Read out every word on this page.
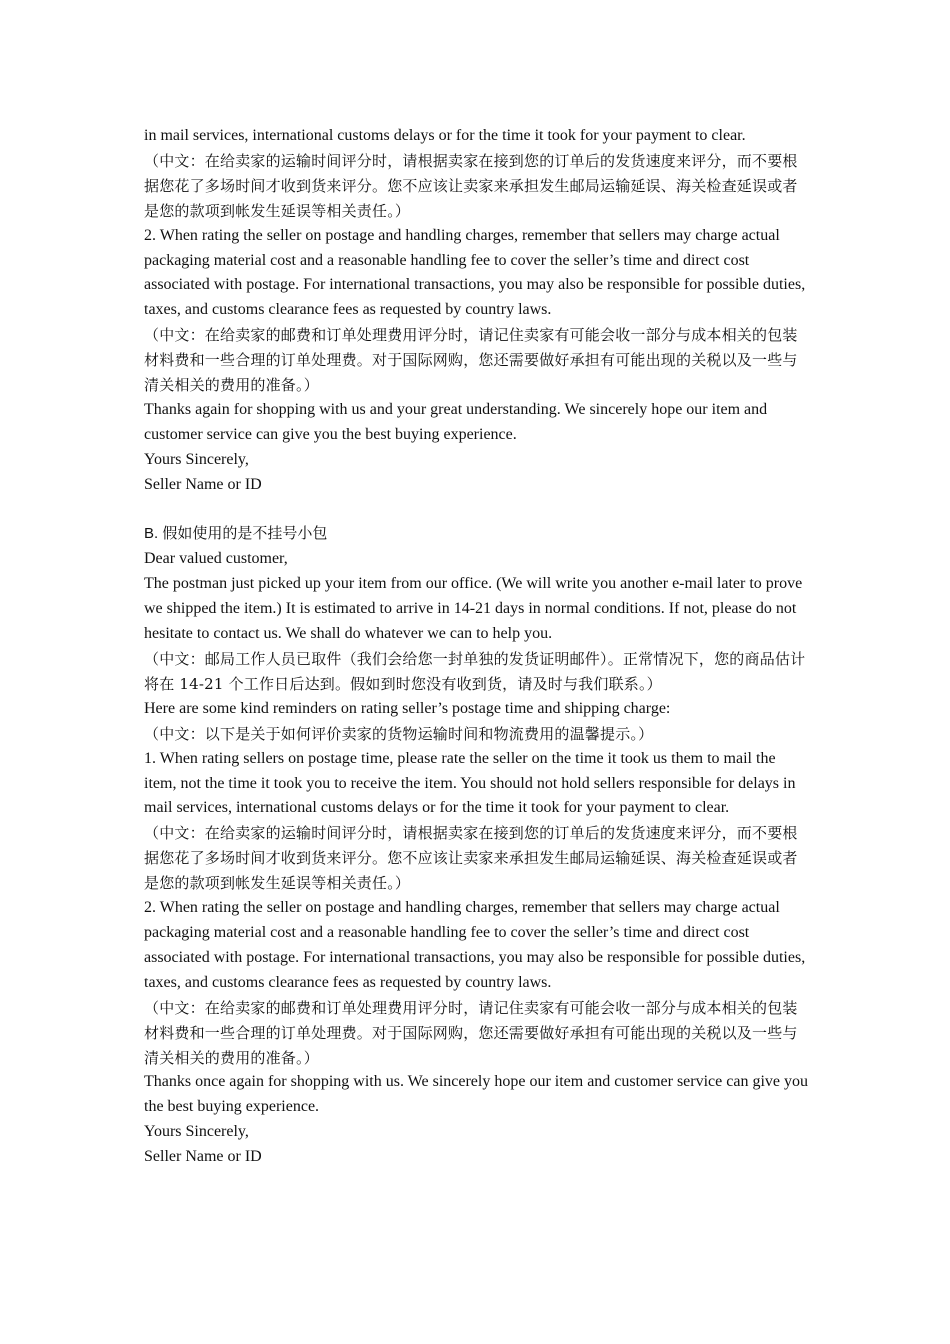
in mail services, international customs delays or for the time it took for your payment to clear.

（中文：在给卖家的运输时间评分时，请根据卖家在接到您的订单后的发货速度来评分，而不要根据您花了多场时间才收到货来评分。您不应该让卖家来承担发生邮局运输延误、海关检查延误或者是您的款项到帐发生延误等相关责任。）

2. When rating the seller on postage and handling charges, remember that sellers may charge actual packaging material cost and a reasonable handling fee to cover the seller’s time and direct cost associated with postage. For international transactions, you may also be responsible for possible duties, taxes, and customs clearance fees as requested by country laws.

（中文：在给卖家的邮费和订单处理费用评分时，请记住卖家有可能会收一部分与成本相关的包装材料费和一些合理的订单处理费。对于国际网购，您还需要做好承担有可能出现的关税以及一些与清关相关的费用的准备。）

Thanks again for shopping with us and your great understanding. We sincerely hope our item and customer service can give you the best buying experience.

Yours Sincerely,

Seller Name or ID

B. 假如使用的是不挂号小包

Dear valued customer,

The postman just picked up your item from our office. (We will write you another e-mail later to prove we shipped the item.) It is estimated to arrive in 14-21 days in normal conditions. If not, please do not hesitate to contact us. We shall do whatever we can to help you.

（中文：邮局工作人员已取件（我们会给您一封单独的发货证明邮件）。正常情况下，您的商品估计将在 14-21 个工作日后达到。假如到时您没有收到货，请及时与我们联系。）

Here are some kind reminders on rating seller’s postage time and shipping charge:

（中文：以下是关于如何评价卖家的货物运输时间和物流费用的温馨提示。）

1. When rating sellers on postage time, please rate the seller on the time it took us them to mail the item, not the time it took you to receive the item. You should not hold sellers responsible for delays in mail services, international customs delays or for the time it took for your payment to clear.

（中文：在给卖家的运输时间评分时，请根据卖家在接到您的订单后的发货速度来评分，而不要根据您花了多场时间才收到货来评分。您不应该让卖家来承担发生邮局运输延误、海关检查延误或者是您的款项到帐发生延误等相关责任。）

2. When rating the seller on postage and handling charges, remember that sellers may charge actual packaging material cost and a reasonable handling fee to cover the seller’s time and direct cost associated with postage. For international transactions, you may also be responsible for possible duties, taxes, and customs clearance fees as requested by country laws.

（中文：在给卖家的邮费和订单处理费用评分时，请记住卖家有可能会收一部分与成本相关的包装材料费和一些合理的订单处理费。对于国际网购，您还需要做好承担有可能出现的关税以及一些与清关相关的费用的准备。）

Thanks once again for shopping with us. We sincerely hope our item and customer service can give you the best buying experience.

Yours Sincerely,

Seller Name or ID
